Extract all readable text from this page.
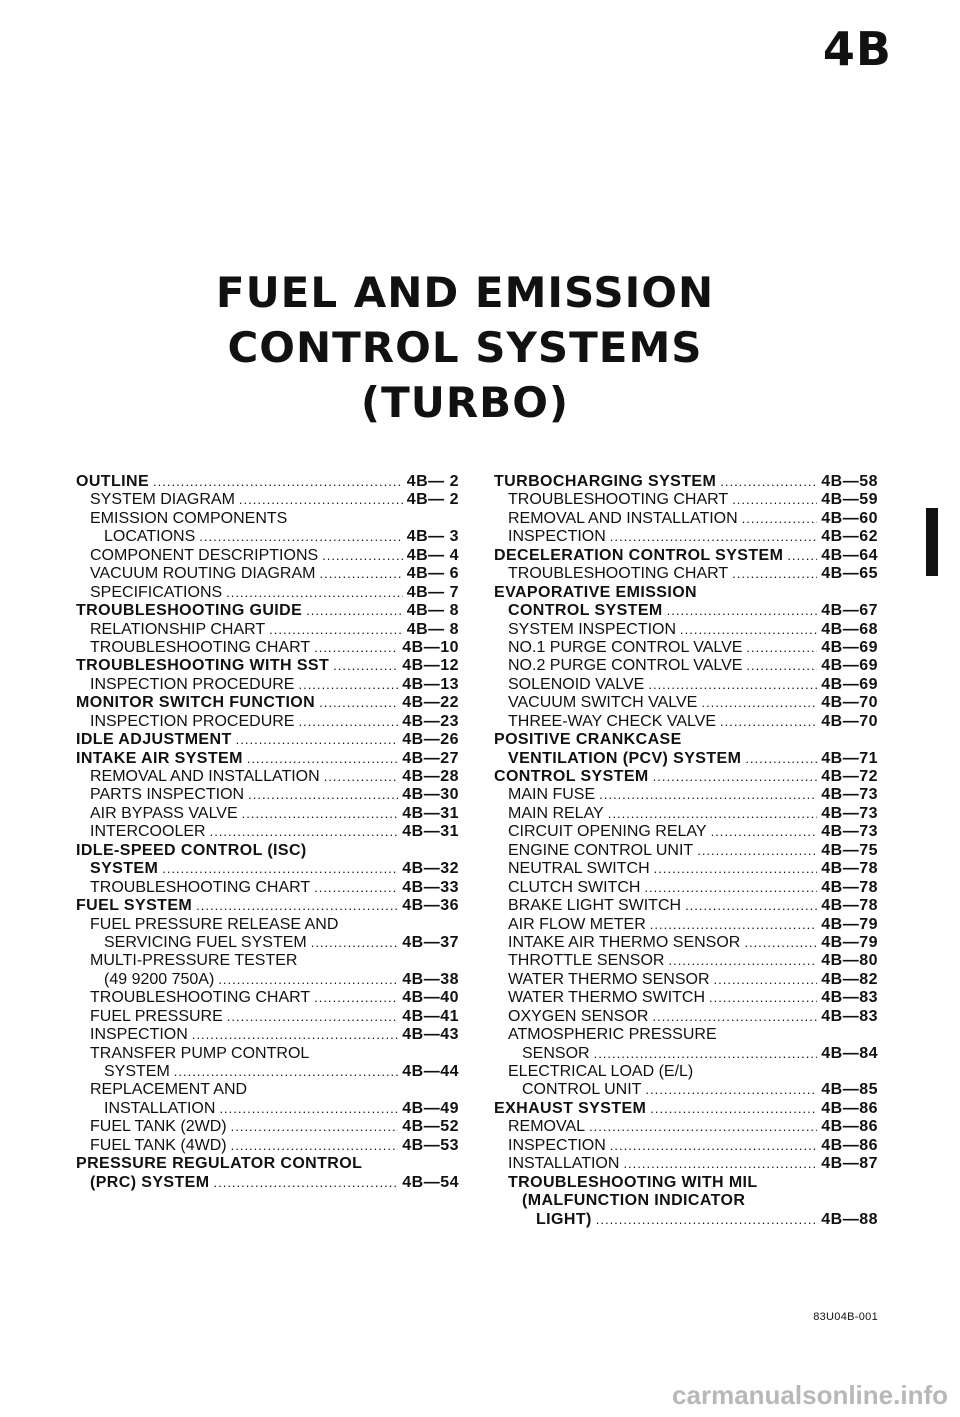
4B
FUEL AND EMISSION
CONTROL SYSTEMS
(TURBO)
OUTLINE .....	4B— 2
SYSTEM DIAGRAM .....	4B— 2
EMISSION COMPONENTS
LOCATIONS .....	4B— 3
COMPONENT DESCRIPTIONS .....	4B— 4
VACUUM ROUTING DIAGRAM .....	4B— 6
SPECIFICATIONS .....	4B— 7
TROUBLESHOOTING GUIDE .....	4B— 8
RELATIONSHIP CHART .....	4B— 8
TROUBLESHOOTING CHART .....	4B—10
TROUBLESHOOTING WITH SST .....	4B—12
INSPECTION PROCEDURE .....	4B—13
MONITOR SWITCH FUNCTION .....	4B—22
INSPECTION PROCEDURE .....	4B—23
IDLE ADJUSTMENT .....	4B—26
INTAKE AIR SYSTEM .....	4B—27
REMOVAL AND INSTALLATION .....	4B—28
PARTS INSPECTION .....	4B—30
AIR BYPASS VALVE .....	4B—31
INTERCOOLER .....	4B—31
IDLE-SPEED CONTROL (ISC)
SYSTEM .....	4B—32
TROUBLESHOOTING CHART .....	4B—33
FUEL SYSTEM .....	4B—36
FUEL PRESSURE RELEASE AND
SERVICING FUEL SYSTEM .....	4B—37
MULTI-PRESSURE TESTER
(49 9200 750A) .....	4B—38
TROUBLESHOOTING CHART .....	4B—40
FUEL PRESSURE .....	4B—41
INSPECTION .....	4B—43
TRANSFER PUMP CONTROL
SYSTEM .....	4B—44
REPLACEMENT AND
INSTALLATION .....	4B—49
FUEL TANK (2WD) .....	4B—52
FUEL TANK (4WD) .....	4B—53
PRESSURE REGULATOR CONTROL
(PRC) SYSTEM .....	4B—54
TURBOCHARGING SYSTEM .....	4B—58
TROUBLESHOOTING CHART .....	4B—59
REMOVAL AND INSTALLATION .....	4B—60
INSPECTION .....	4B—62
DECELERATION CONTROL SYSTEM ..... 4B—64
TROUBLESHOOTING CHART .....	4B—65
EVAPORATIVE EMISSION
CONTROL SYSTEM .....	4B—67
SYSTEM INSPECTION .....	4B—68
NO.1 PURGE CONTROL VALVE .....	4B—69
NO.2 PURGE CONTROL VALVE .....	4B—69
SOLENOID VALVE .....	4B—69
VACUUM SWITCH VALVE .....	4B—70
THREE-WAY CHECK VALVE .....	4B—70
POSITIVE CRANKCASE
VENTILATION (PCV) SYSTEM .....	4B—71
CONTROL SYSTEM .....	4B—72
MAIN FUSE .....	4B—73
MAIN RELAY .....	4B—73
CIRCUIT OPENING RELAY .....	4B—73
ENGINE CONTROL UNIT .....	4B—75
NEUTRAL SWITCH .....	4B—78
CLUTCH SWITCH .....	4B—78
BRAKE LIGHT SWITCH .....	4B—78
AIR FLOW METER .....	4B—79
INTAKE AIR THERMO SENSOR .....	4B—79
THROTTLE SENSOR .....	4B—80
WATER THERMO SENSOR .....	4B—82
WATER THERMO SWITCH .....	4B—83
OXYGEN SENSOR .....	4B—83
ATMOSPHERIC PRESSURE
SENSOR .....	4B—84
ELECTRICAL LOAD (E/L)
CONTROL UNIT .....	4B—85
EXHAUST SYSTEM .....	4B—86
REMOVAL .....	4B—86
INSPECTION .....	4B—86
INSTALLATION .....	4B—87
TROUBLESHOOTING WITH MIL
(MALFUNCTION INDICATOR
LIGHT) .....	4B—88
83U04B-001
carmanualsonline.info
